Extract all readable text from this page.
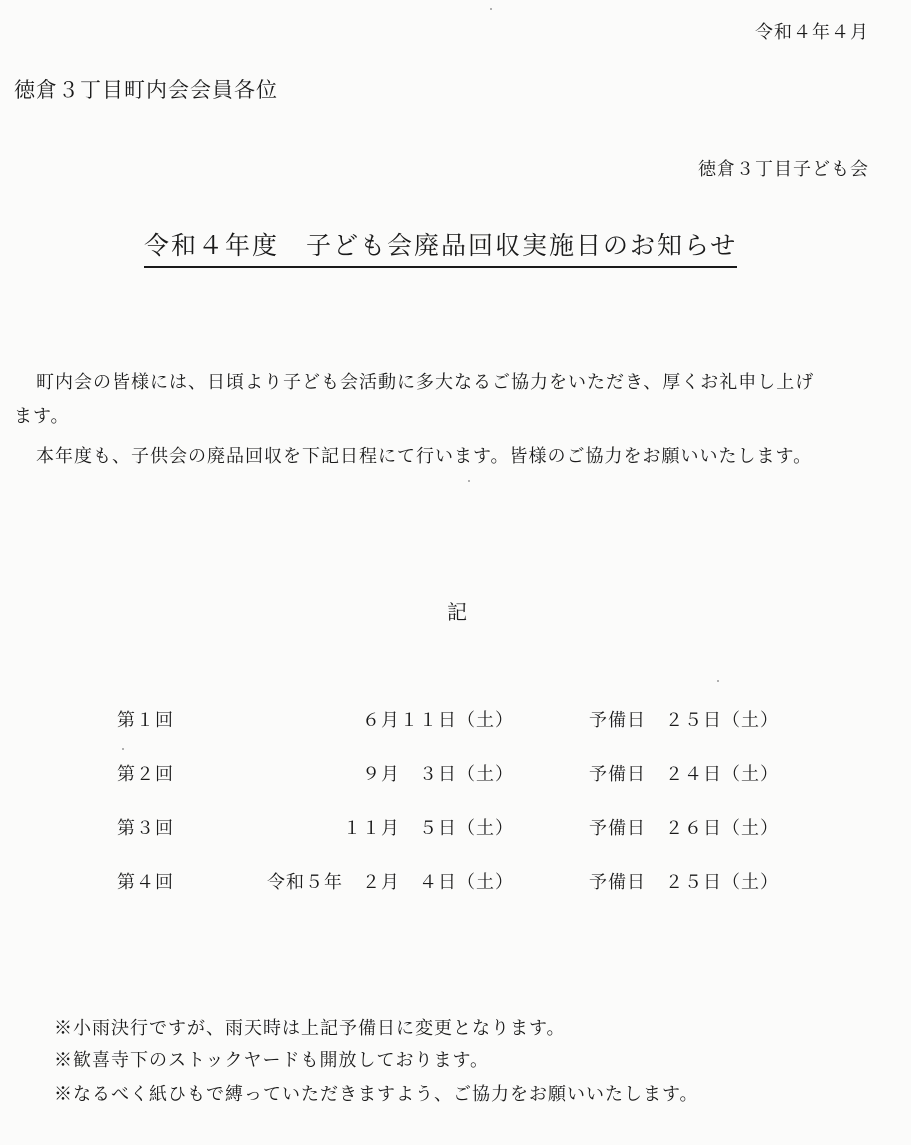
令和４年４月
徳倉３丁目町内会会員各位
徳倉３丁目子ども会
令和４年度　子ども会廃品回収実施日のお知らせ
町内会の皆様には、日頃より子ども会活動に多大なるご協力をいただき、厚くお礼申し上げ
ます。
本年度も、子供会の廃品回収を下記日程にて行います。皆様のご協力をお願いいたします。
記
第１回	６月１１日（土）	予備日　２５日（土）
第２回	９月　３日（土）	予備日　２４日（土）
第３回	１１月　５日（土）	予備日　２６日（土）
第４回	令和５年　２月　４日（土）	予備日　２５日（土）
※小雨決行ですが、雨天時は上記予備日に変更となります。
※歓喜寺下のストックヤードも開放しております。
※なるべく紙ひもで縛っていただきますよう、ご協力をお願いいたします。
